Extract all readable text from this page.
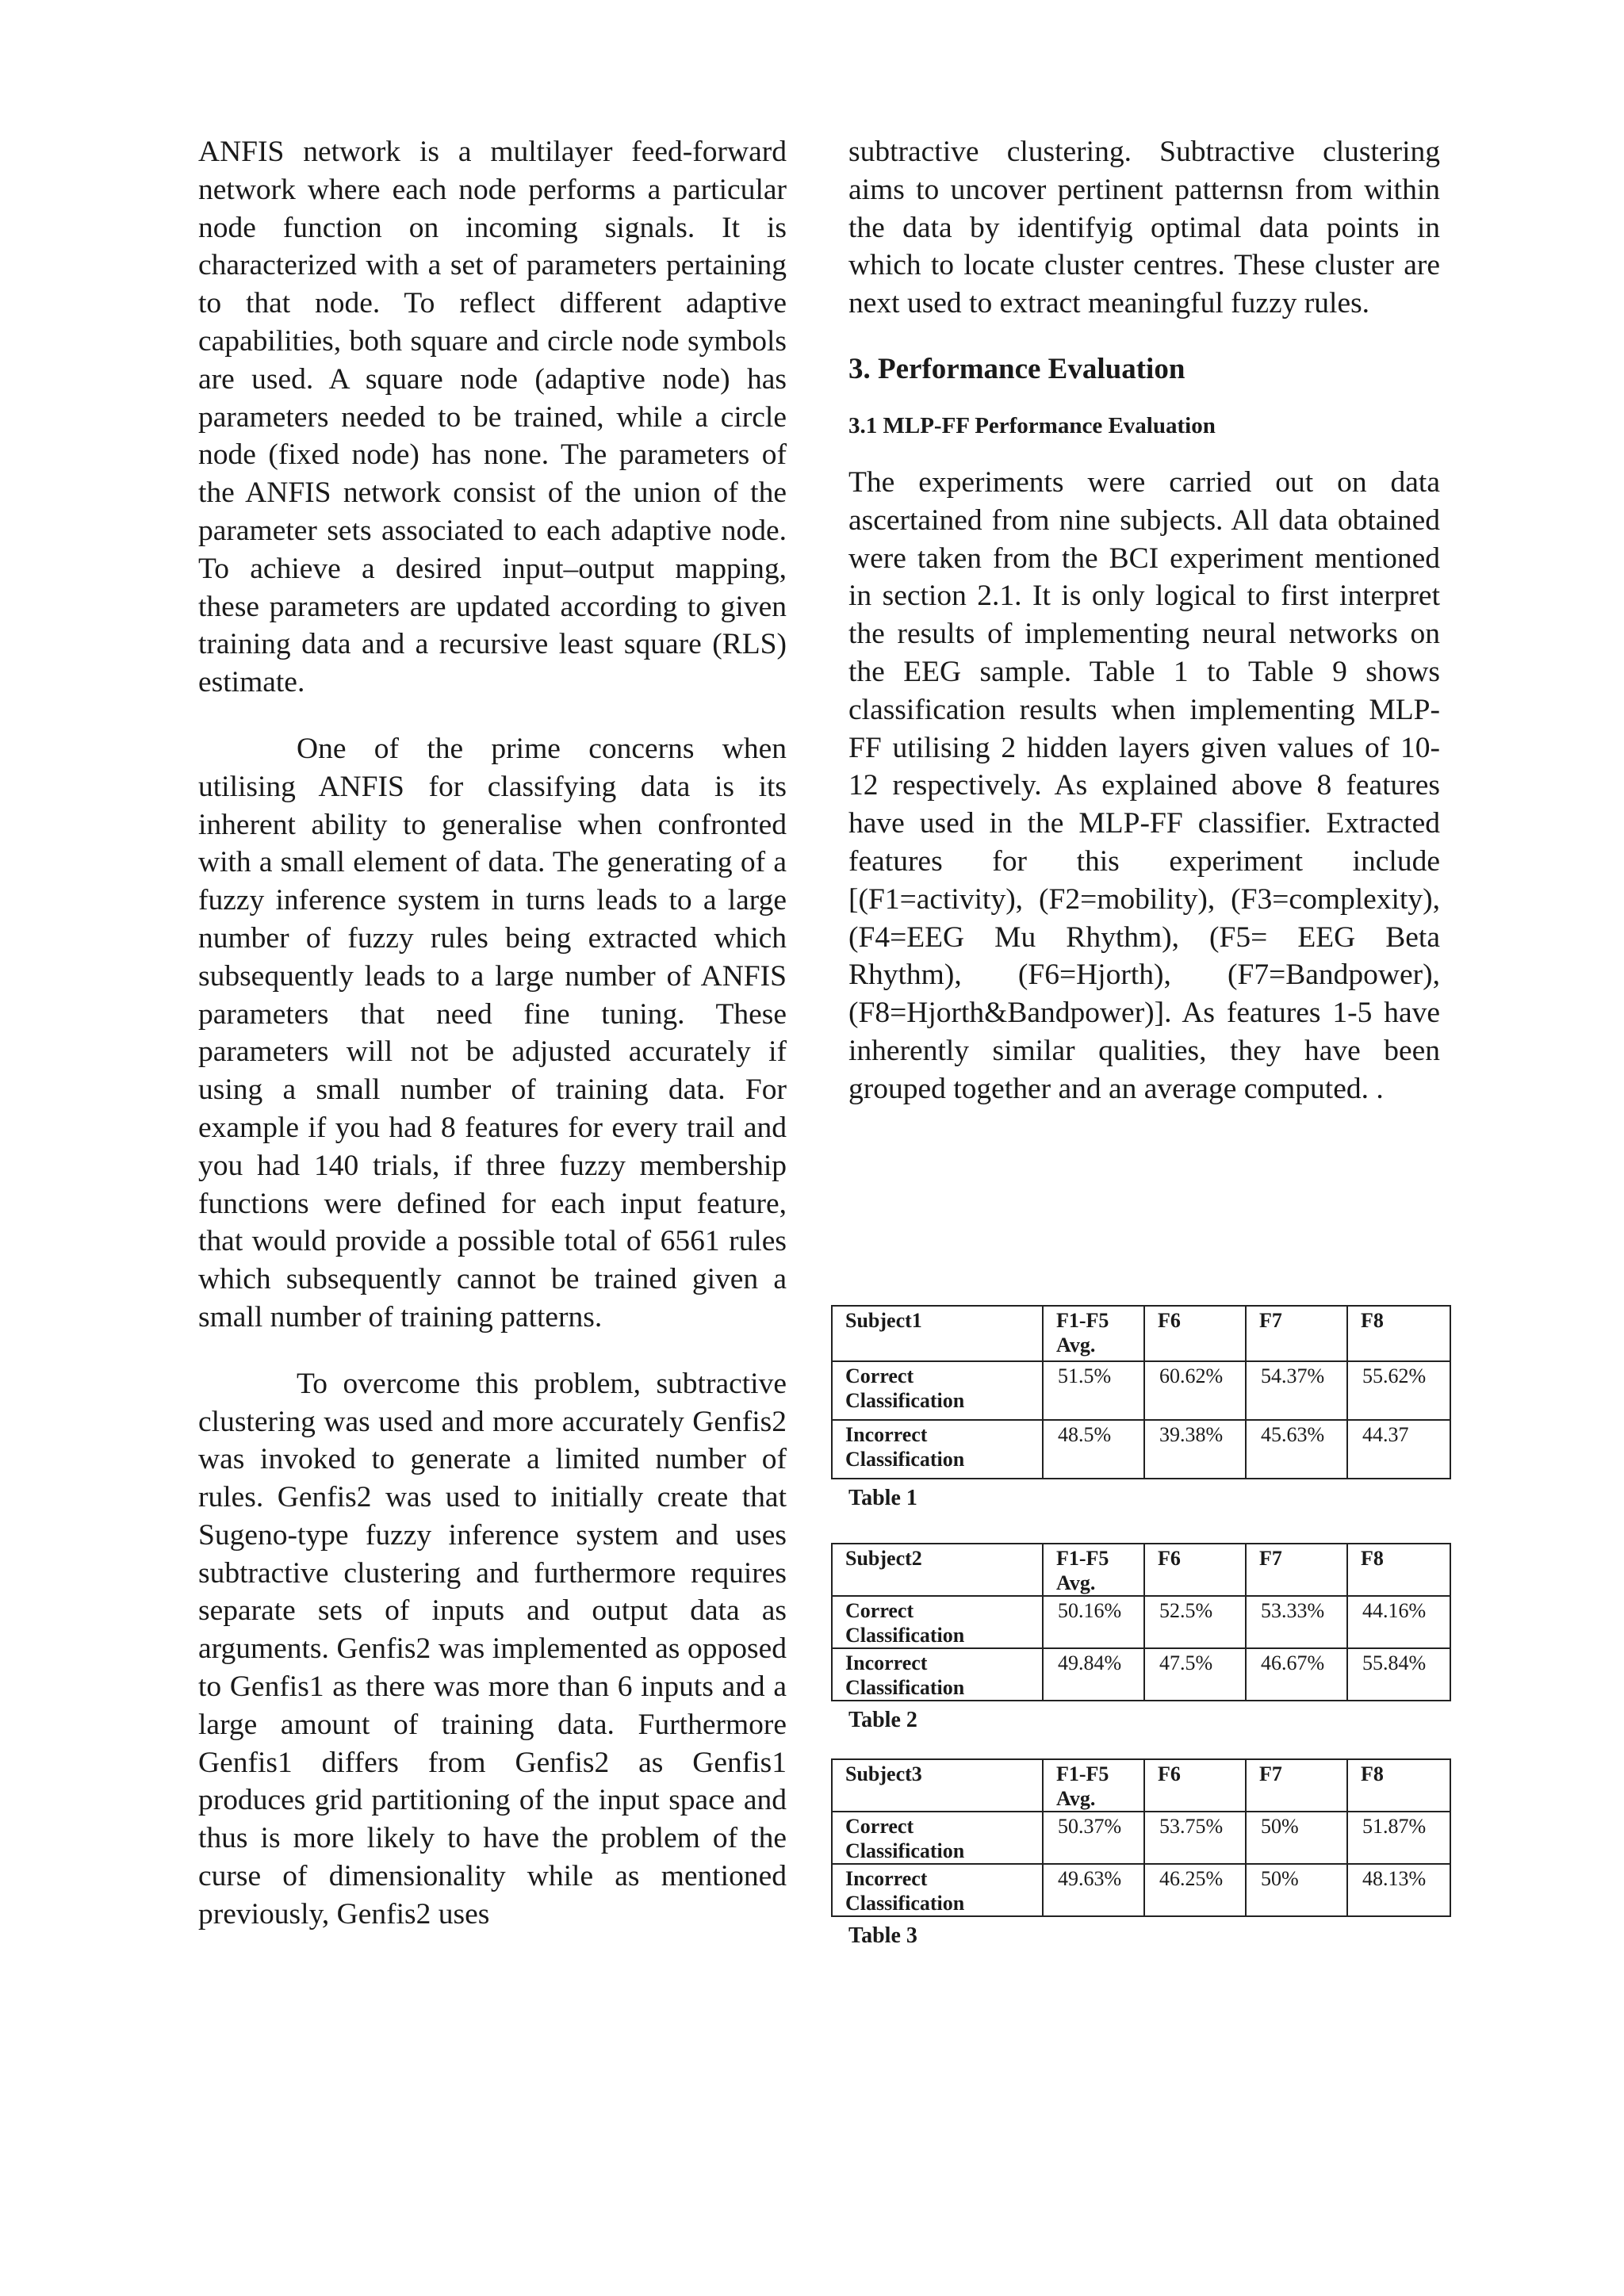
ANFIS network is a multilayer feed-forward network where each node performs a particular node function on incoming signals. It is characterized with a set of parameters pertaining to that node. To reflect different adaptive capabilities, both square and circle node symbols are used. A square node (adaptive node) has parameters needed to be trained, while a circle node (fixed node) has none. The parameters of the ANFIS network consist of the union of the parameter sets associated to each adaptive node. To achieve a desired input–output mapping, these parameters are updated according to given training data and a recursive least square (RLS) estimate.

One of the prime concerns when utilising ANFIS for classifying data is its inherent ability to generalise when confronted with a small element of data. The generating of a fuzzy inference system in turns leads to a large number of fuzzy rules being extracted which subsequently leads to a large number of ANFIS parameters that need fine tuning. These parameters will not be adjusted accurately if using a small number of training data. For example if you had 8 features for every trail and you had 140 trials, if three fuzzy membership functions were defined for each input feature, that would provide a possible total of 6561 rules which subsequently cannot be trained given a small number of training patterns.

To overcome this problem, subtractive clustering was used and more accurately Genfis2 was invoked to generate a limited number of rules. Genfis2 was used to initially create that Sugeno-type fuzzy inference system and uses subtractive clustering and furthermore requires separate sets of inputs and output data as arguments. Genfis2 was implemented as opposed to Genfis1 as there was more than 6 inputs and a large amount of training data. Furthermore Genfis1 differs from Genfis2 as Genfis1 produces grid partitioning of the input space and thus is more likely to have the problem of the curse of dimensionality while as mentioned previously, Genfis2 uses

subtractive clustering. Subtractive clustering aims to uncover pertinent patternsn from within the data by identifyig optimal data points in which to locate cluster centres. These cluster are next used to extract meaningful fuzzy rules.

3. Performance Evaluation
3.1 MLP-FF Performance Evaluation

The experiments were carried out on data ascertained from nine subjects. All data obtained were taken from the BCI experiment mentioned in section 2.1. It is only logical to first interpret the results of implementing neural networks on the EEG sample. Table 1 to Table 9 shows classification results when implementing MLP-FF utilising 2 hidden layers given values of 10-12 respectively. As explained above 8 features have used in the MLP-FF classifier. Extracted features for this experiment include [(F1=activity), (F2=mobility), (F3=complexity), (F4=EEG Mu Rhythm), (F5= EEG Beta Rhythm), (F6=Hjorth), (F7=Bandpower), (F8=Hjorth&Bandpower)]. As features 1-5 have inherently similar qualities, they have been grouped together and an average computed. .

Subject1	F1-F5 Avg.	F6	F7	F8
Correct Classification	51.5%	60.62%	54.37%	55.62%
Incorrect Classification	48.5%	39.38%	45.63%	44.37
Table 1
Subject2	F1-F5 Avg.	F6	F7	F8
Correct Classification	50.16%	52.5%	53.33%	44.16%
Incorrect Classification	49.84%	47.5%	46.67%	55.84%
Table 2
Subject3	F1-F5 Avg.	F6	F7	F8
Correct Classification	50.37%	53.75%	50%	51.87%
Incorrect Classification	49.63%	46.25%	50%	48.13%
Table 3
